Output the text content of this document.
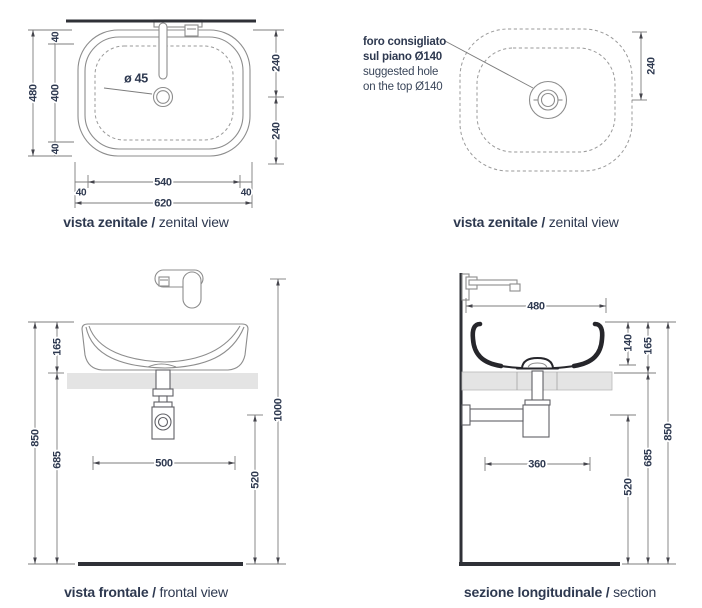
480
40
400
40
240
240
540
40	40
620
ø 45
vista zenitale / zenital view
foro consigliato
sul piano Ø140
suggested hole
on the top Ø140
240
vista zenitale / zenital view
165
850
685	500
520
1000
vista frontale / frontal view
480
140 165
850
685
520
360
sezione longitudinale / section
